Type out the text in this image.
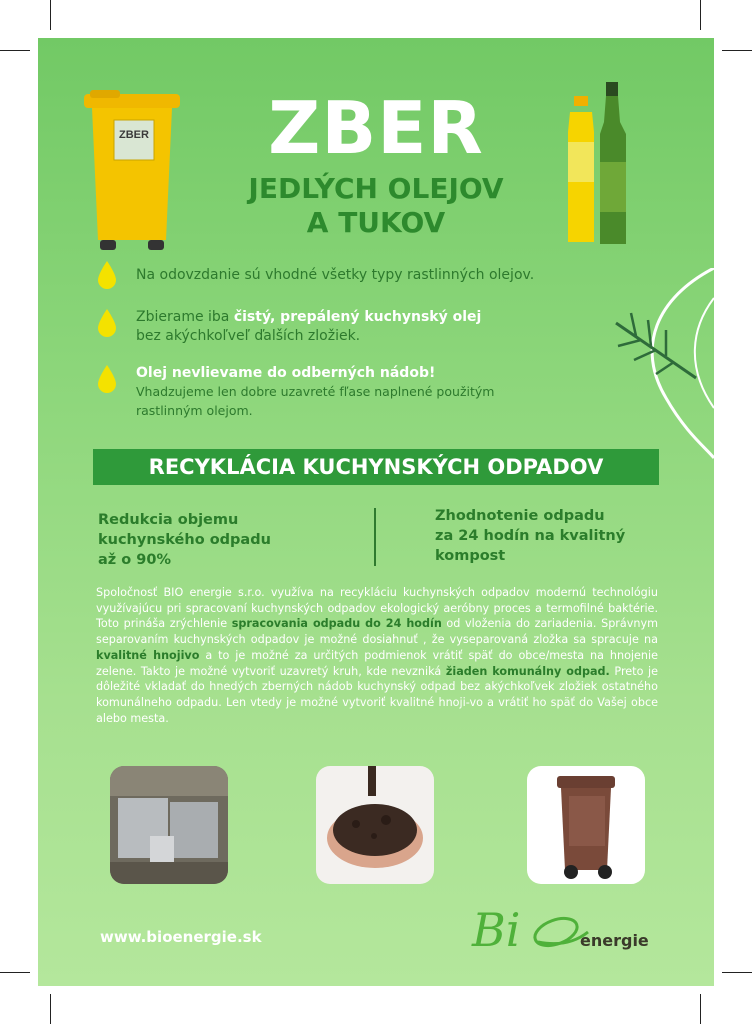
ZBER	ZBER
JEDLÝCH OLEJOV
A TUKOV
Na odovzdanie sú vhodné všetky typy rastlinných olejov.
Zbierame iba čistý, prepálený kuchynský olej
bez akýchkoľveľ ďalších zložiek.
Olej nevlievame do odberných nádob!
Vhadzujeme len dobre uzavreté fľase naplnené použitým
rastlinným olejom.
RECYKLÁCIA KUCHYNSKÝCH ODPADOV
Redukcia objemu
kuchynského odpadu
až o 90%
Zhodnotenie odpadu
za 24 hodín na kvalitný
kompost
Spoločnosť BIO energie s.r.o. využíva na recykláciu kuchynských odpadov modernú technológiu využívajúcu pri spracovaní kuchynských odpadov ekologický aeróbny proces a termofilné baktérie. Toto prináša zrýchlenie spracovania odpadu do 24 hodín od vloženia do zariadenia. Správnym separovaním kuchynských odpadov je možné dosiahnuť , že vyseparovaná zložka sa spracuje na kvalitné hnojivo a to je možné za určitých podmienok vrátiť späť do obce/mesta na hnojenie zelene. Takto je možné vytvoriť uzavretý kruh, kde nevzniká žiaden komunálny odpad. Preto je dôležité vkladať do hnedých zberných nádob kuchynský odpad bez akýchkoľvek zložiek ostatného komunálneho odpadu. Len vtedy je možné vytvoriť kvalitné hnoji-vo a vrátiť ho späť do Vašej obce alebo mesta.
www.bioenergie.sk	Bi	energie
